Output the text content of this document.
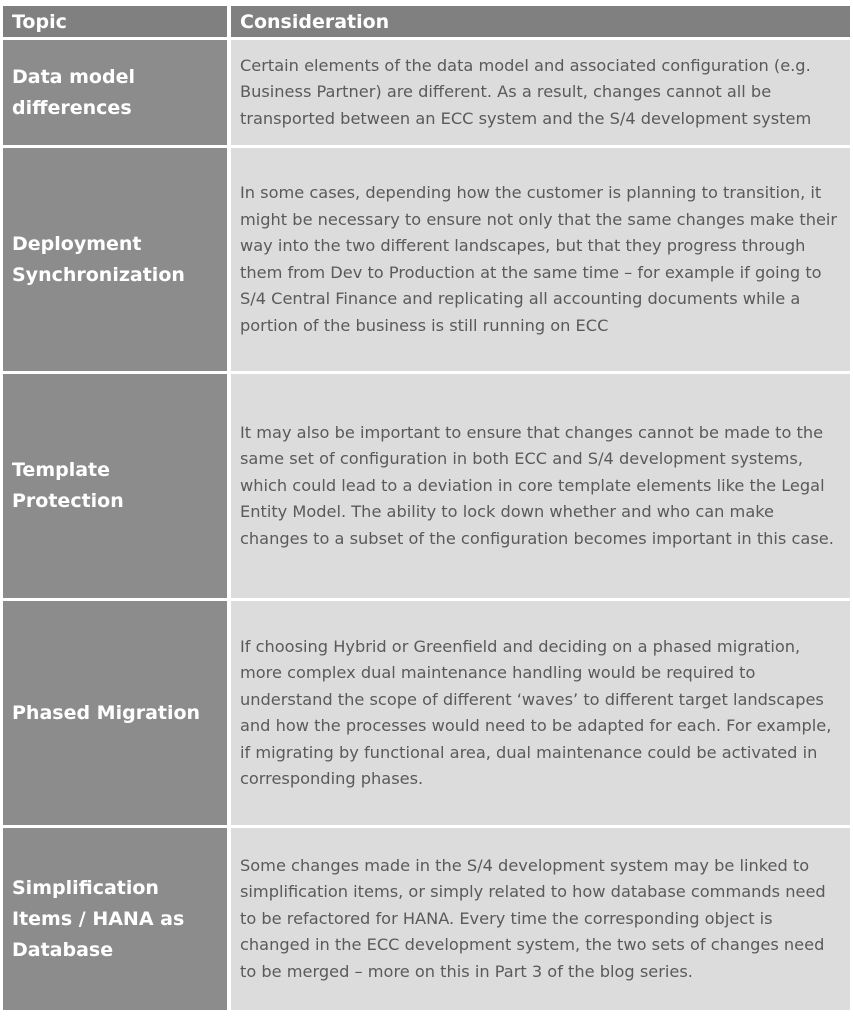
Topic	Consideration
Data model differences
Certain elements of the data model and associated configuration (e.g. Business Partner) are different. As a result, changes cannot all be transported between an ECC system and the S/4 development system
Deployment Synchronization
In some cases, depending how the customer is planning to transition, it might be necessary to ensure not only that the same changes make their way into the two different landscapes, but that they progress through them from Dev to Production at the same time – for example if going to S/4 Central Finance and replicating all accounting documents while a portion of the business is still running on ECC
Template Protection
It may also be important to ensure that changes cannot be made to the same set of configuration in both ECC and S/4 development systems, which could lead to a deviation in core template elements like the Legal Entity Model. The ability to lock down whether and who can make changes to a subset of the configuration becomes important in this case.
Phased Migration
If choosing Hybrid or Greenfield and deciding on a phased migration, more complex dual maintenance handling would be required to understand the scope of different ‘waves’ to different target landscapes and how the processes would need to be adapted for each. For example, if migrating by functional area, dual maintenance could be activated in corresponding phases.
Simplification Items / HANA as Database
Some changes made in the S/4 development system may be linked to simplification items, or simply related to how database commands need to be refactored for HANA. Every time the corresponding object is changed in the ECC development system, the two sets of changes need to be merged – more on this in Part 3 of the blog series.
